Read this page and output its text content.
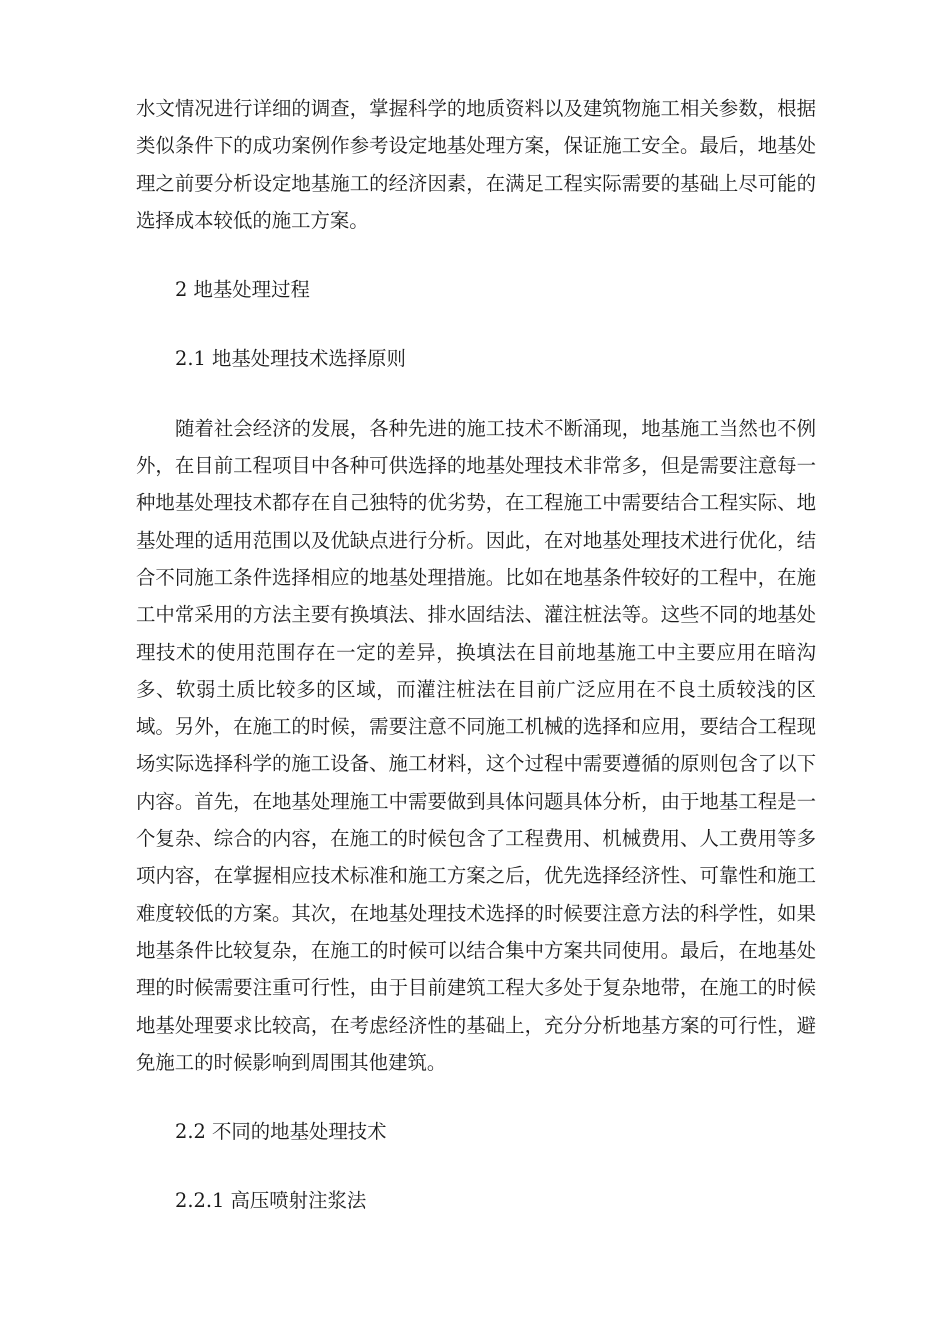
水文情况进行详细的调查，掌握科学的地质资料以及建筑物施工相关参数，根据类似条件下的成功案例作参考设定地基处理方案，保证施工安全。最后，地基处理之前要分析设定地基施工的经济因素，在满足工程实际需要的基础上尽可能的选择成本较低的施工方案。

2 地基处理过程

2.1 地基处理技术选择原则

随着社会经济的发展，各种先进的施工技术不断涌现，地基施工当然也不例外，在目前工程项目中各种可供选择的地基处理技术非常多，但是需要注意每一种地基处理技术都存在自己独特的优劣势，在工程施工中需要结合工程实际、地基处理的适用范围以及优缺点进行分析。因此，在对地基处理技术进行优化，结合不同施工条件选择相应的地基处理措施。比如在地基条件较好的工程中，在施工中常采用的方法主要有换填法、排水固结法、灌注桩法等。这些不同的地基处理技术的使用范围存在一定的差异，换填法在目前地基施工中主要应用在暗沟多、软弱土质比较多的区域，而灌注桩法在目前广泛应用在不良土质较浅的区域。另外，在施工的时候，需要注意不同施工机械的选择和应用，要结合工程现场实际选择科学的施工设备、施工材料，这个过程中需要遵循的原则包含了以下内容。首先，在地基处理施工中需要做到具体问题具体分析，由于地基工程是一个复杂、综合的内容，在施工的时候包含了工程费用、机械费用、人工费用等多项内容，在掌握相应技术标准和施工方案之后，优先选择经济性、可靠性和施工难度较低的方案。其次，在地基处理技术选择的时候要注意方法的科学性，如果地基条件比较复杂，在施工的时候可以结合集中方案共同使用。最后，在地基处理的时候需要注重可行性，由于目前建筑工程大多处于复杂地带，在施工的时候地基处理要求比较高，在考虑经济性的基础上，充分分析地基方案的可行性，避免施工的时候影响到周围其他建筑。

2.2 不同的地基处理技术

2.2.1 高压喷射注浆法
